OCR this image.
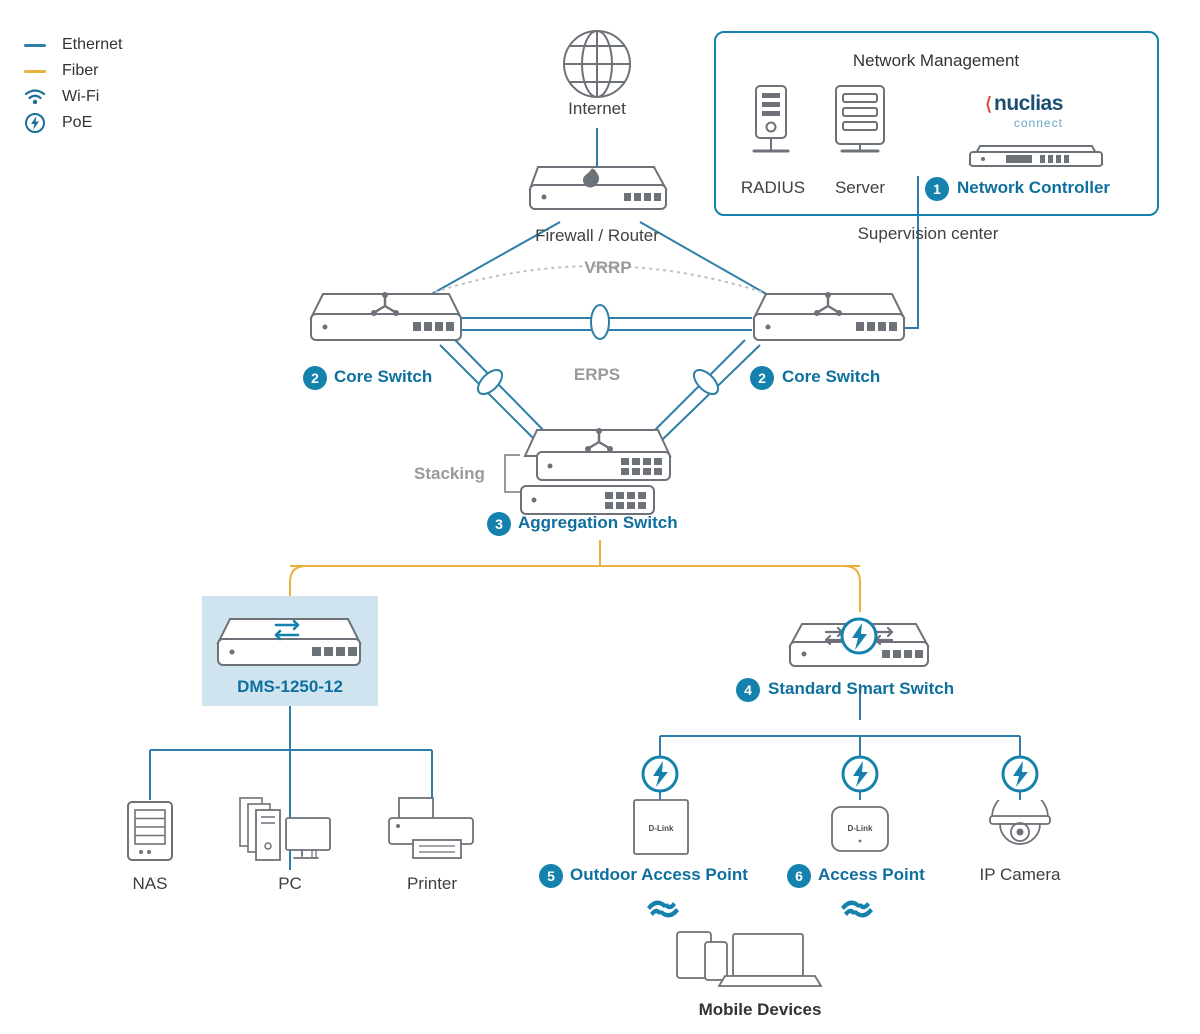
Ethernet
Fiber
Wi-Fi
PoE
Network Management
RADIUS Server
⟨ nuclias
connect
1 Network Controller
Supervision center
Internet
Firewall / Router
2 Core Switch	2 Core Switch
VRRP
ERPS
Stacking
3 Aggregation Switch
DMS-1250-12	4 Standard Smart Switch
NAS	PC	Printer
D-Link
5 Outdoor Access Point
D-Link
6 Access Point	IP Camera
Mobile Devices
